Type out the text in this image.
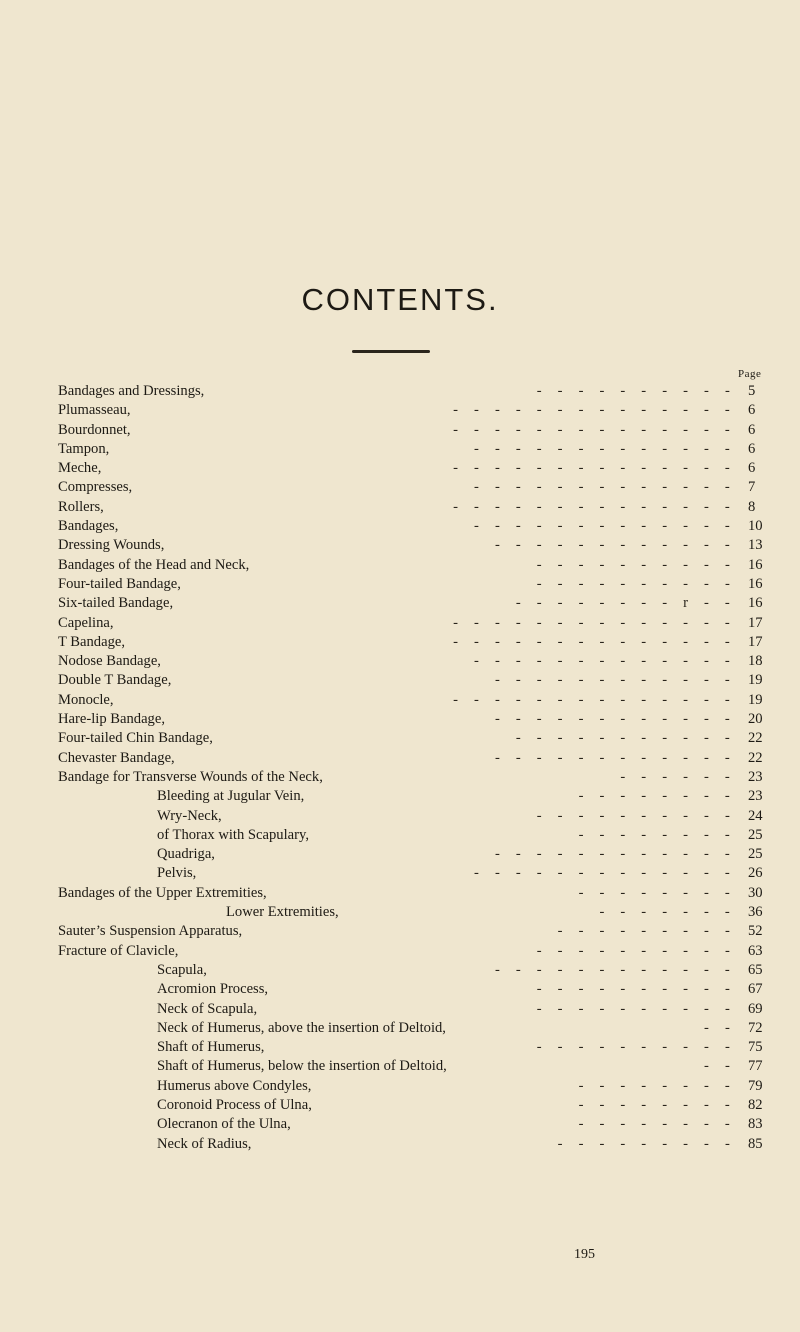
CONTENTS.
Page
Bandages and Dressings,	- - - - - - - - - - 5
Plumasseau,	- - - - - - - - - - - - - - 6
Bourdonnet,	- - - - - - - - - - - - - - 6
Tampon,	- - - - - - - - - - - - - 6
Meche,	- - - - - - - - - - - - - - 6
Compresses,	- - - - - - - - - - - - - 7
Rollers,	- - - - - - - - - - - - - - 8
Bandages,	- - - - - - - - - - - - - 10
Dressing Wounds,	- - - - - - - - - - - - 13
Bandages of the Head and Neck,	- - - - - - - - - - 16
Four-tailed Bandage,	- - - - - - - - - - 16
Six-tailed Bandage,	- - - - - - - - r - - 16
Capelina,	- - - - - - - - - - - - - - 17
T Bandage,	- - - - - - - - - - - - - - 17
Nodose Bandage,	- - - - - - - - - - - - - 18
Double T Bandage,	- - - - - - - - - - - - 19
Monocle,	- - - - - - - - - - - - - - 19
Hare-lip Bandage,	- - - - - - - - - - - - 20
Four-tailed Chin Bandage,	- - - - - - - - - - - 22
Chevaster Bandage,	- - - - - - - - - - - - 22
Bandage for Transverse Wounds of the Neck,	- - - - - - 23
Bleeding at Jugular Vein,	- - - - - - - - 23
Wry-Neck,	- - - - - - - - - - 24
of Thorax with Scapulary,	- - - - - - - - 25
Quadriga,	- - - - - - - - - - - - 25
Pelvis,	- - - - - - - - - - - - - 26
Bandages of the Upper Extremities,	- - - - - - - - 30
Lower Extremities,	- - - - - - - 36
Sauter’s Suspension Apparatus,	- - - - - - - - - 52
Fracture of Clavicle,	- - - - - - - - - - 63
Scapula,	- - - - - - - - - - - - 65
Acromion Process,	- - - - - - - - - - 67
Neck of Scapula,	- - - - - - - - - - 69
Neck of Humerus, above the insertion of Deltoid,	- - 72
Shaft of Humerus,	- - - - - - - - - - 75
Shaft of Humerus, below the insertion of Deltoid,	- - 77
Humerus above Condyles,	- - - - - - - - 79
Coronoid Process of Ulna,	- - - - - - - - 82
Olecranon of the Ulna,	- - - - - - - - 83
Neck of Radius,	- - - - - - - - - 85
195
